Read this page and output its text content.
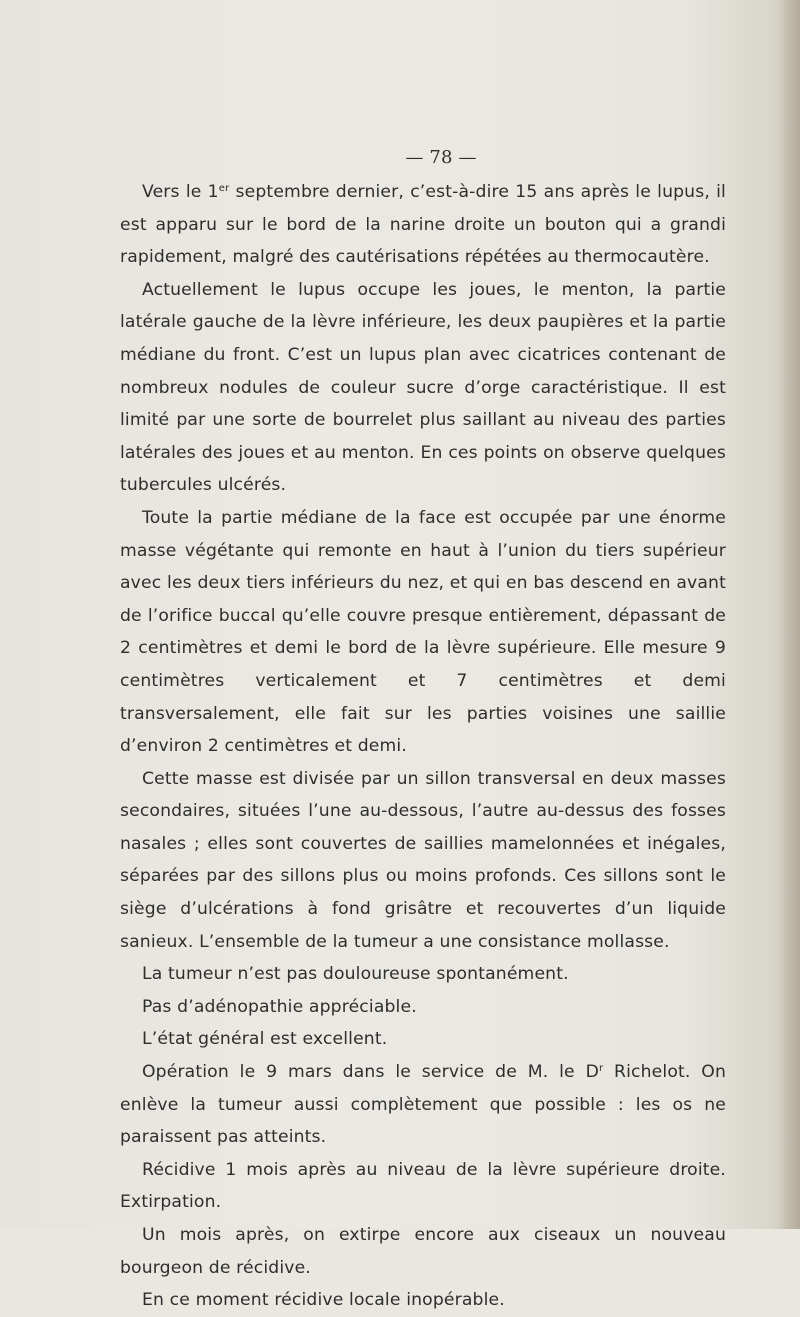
— 78 —

Vers le 1er septembre dernier, c’est-à-dire 15 ans après le lupus, il est apparu sur le bord de la narine droite un bouton qui a grandi rapidement, malgré des cautérisations répétées au thermocautère.

Actuellement le lupus occupe les joues, le menton, la partie latérale gauche de la lèvre inférieure, les deux paupières et la partie médiane du front. C’est un lupus plan avec cicatrices contenant de nombreux nodules de couleur sucre d’orge caractéristique. Il est limité par une sorte de bourrelet plus saillant au niveau des parties latérales des joues et au menton. En ces points on observe quelques tubercules ulcérés.

Toute la partie médiane de la face est occupée par une énorme masse végétante qui remonte en haut à l’union du tiers supérieur avec les deux tiers inférieurs du nez, et qui en bas descend en avant de l’orifice buccal qu’elle couvre presque entièrement, dépassant de 2 centimètres et demi le bord de la lèvre supérieure. Elle mesure 9 centimètres verticalement et 7 centimètres et demi transversalement, elle fait sur les parties voisines une saillie d’environ 2 centimètres et demi.

Cette masse est divisée par un sillon transversal en deux masses secondaires, situées l’une au-dessous, l’autre au-dessus des fosses nasales ; elles sont couvertes de saillies mamelonnées et inégales, séparées par des sillons plus ou moins profonds. Ces sillons sont le siège d’ulcérations à fond grisâtre et recouvertes d’un liquide sanieux. L’ensemble de la tumeur a une consistance mollasse.

La tumeur n’est pas douloureuse spontanément.

Pas d’adénopathie appréciable.

L’état général est excellent.

Opération le 9 mars dans le service de M. le $D^r$ Richelot. On enlève la tumeur aussi complètement que possible : les os ne paraissent pas atteints.

Récidive 1 mois après au niveau de la lèvre supérieure droite. Extirpation.

Un mois après, on extirpe encore aux ciseaux un nouveau bourgeon de récidive.

En ce moment récidive locale inopérable.
